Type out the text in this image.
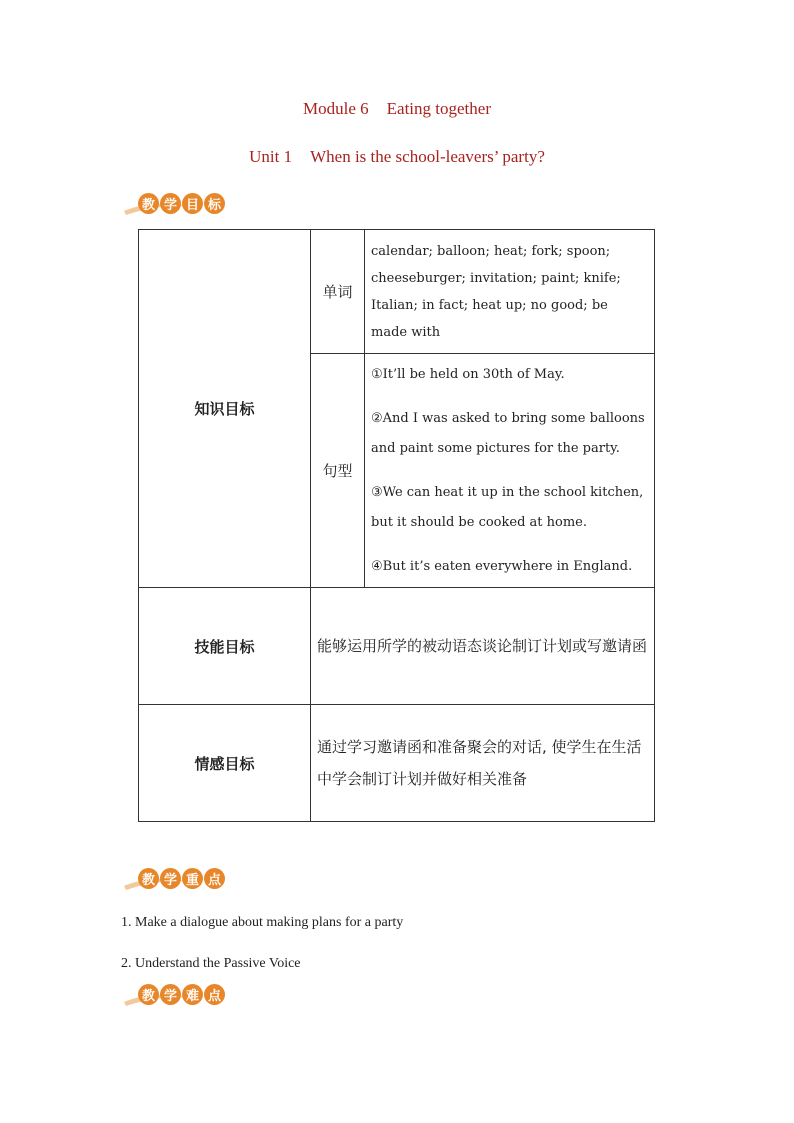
Module 6 Eating together
Unit 1 When is the school-leavers’ party?
教 学 目 标
知识目标	单词	calendar; balloon; heat; fork; spoon; cheeseburger; invitation; paint; knife; Italian; in fact; heat up; no good; be made with
	句型	①It’ll be held on 30th of May.

②And I was asked to bring some balloons and paint some pictures for the party.

③We can heat it up in the school kitchen, but it should be cooked at home.

④But it’s eaten everywhere in England.

技能目标	能够运用所学的被动语态谈论制订计划或写邀请函	
情感目标	通过学习邀请函和准备聚会的对话, 使学生在生活中学会制订计划并做好相关准备	
教 学 重 点
1. Make a dialogue about making plans for a party
2. Understand the Passive Voice
教 学 难 点
